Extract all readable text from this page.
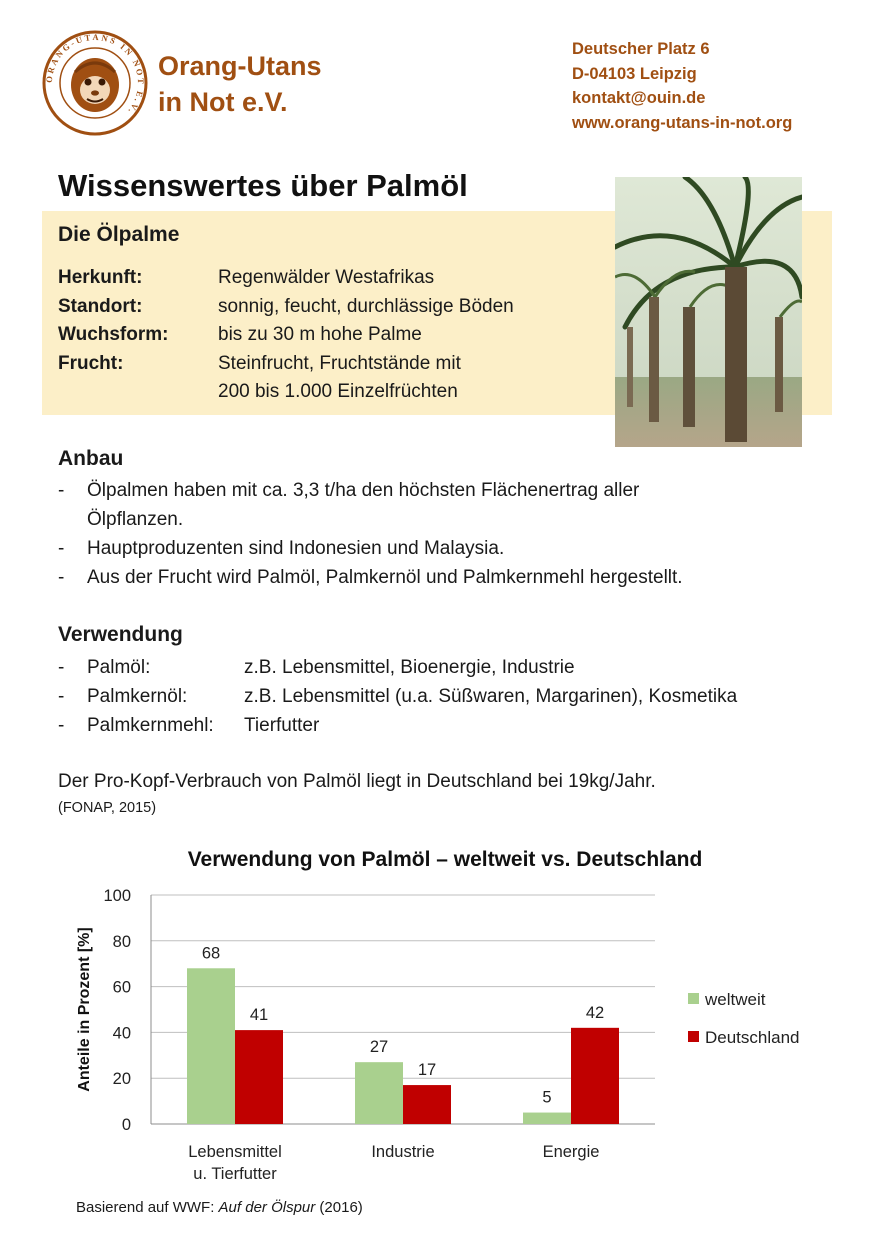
ORANG-UTANS IN NOT E.V.
Orang-Utans
in Not e.V.
Deutscher Platz 6
D-04103 Leipzig
kontakt@ouin.de
www.orang-utans-in-not.org
Wissenswertes über Palmöl
Die Ölpalme
Herkunft:	Regenwälder Westafrikas
Standort:	sonnig, feucht, durchlässige Böden
Wuchsform:	bis zu 30 m hohe Palme
Frucht:	Steinfrucht, Fruchtstände mit
200 bis 1.000 Einzelfrüchten
Anbau
-	Ölpalmen haben mit ca. 3,3 t/ha den höchsten Flächenertrag aller
Ölpflanzen.
-	Hauptproduzenten sind Indonesien und Malaysia.
-	Aus der Frucht wird Palmöl, Palmkernöl und Palmkernmehl hergestellt.
Verwendung
-	Palmöl:	z.B. Lebensmittel, Bioenergie, Industrie
-	Palmkernöl:	z.B. Lebensmittel (u.a. Süßwaren, Margarinen), Kosmetika
-	Palmkernmehl:	Tierfutter
Der Pro-Kopf-Verbrauch von Palmöl liegt in Deutschland bei 19kg/Jahr.
(FONAP, 2015)
Verwendung von Palmöl – weltweit vs. Deutschland
0
20
40
60
80
100
Anteile in Prozent [%]	68
41
Lebensmittel
u. Tierfutter
27
17
Industrie
5
42
Energie
weltweit
Deutschland
Basierend auf WWF: Auf der Ölspur (2016)
